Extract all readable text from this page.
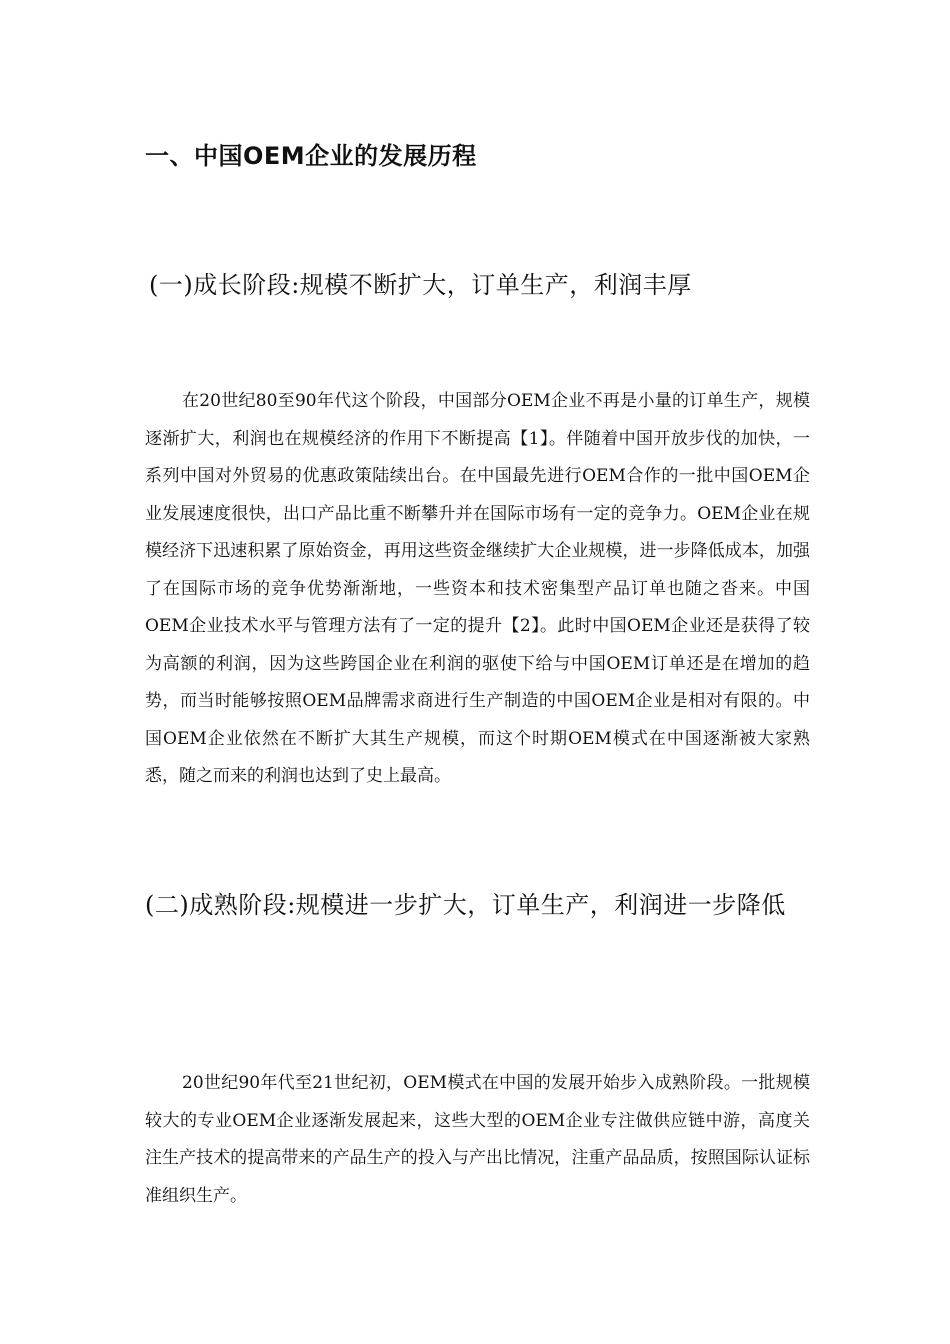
一、中国OEM企业的发展历程
(一)成长阶段:规模不断扩大，订单生产，利润丰厚

在20世纪80至90年代这个阶段，中国部分OEM企业不再是小量的订单生产，规模逐渐扩大，利润也在规模经济的作用下不断提高【1】。伴随着中国开放步伐的加快，一系列中国对外贸易的优惠政策陆续出台。在中国最先进行OEM合作的一批中国OEM企业发展速度很快，出口产品比重不断攀升并在国际市场有一定的竞争力。OEM企业在规模经济下迅速积累了原始资金，再用这些资金继续扩大企业规模，进一步降低成本，加强了在国际市场的竞争优势渐渐地，一些资本和技术密集型产品订单也随之沓来。中国OEM企业技术水平与管理方法有了一定的提升【2】。此时中国OEM企业还是获得了较为高额的利润，因为这些跨国企业在利润的驱使下给与中国OEM订单还是在增加的趋势，而当时能够按照OEM品牌需求商进行生产制造的中国OEM企业是相对有限的。中国OEM企业依然在不断扩大其生产规模，而这个时期OEM模式在中国逐渐被大家熟悉，随之而来的利润也达到了史上最高。

(二)成熟阶段:规模进一步扩大，订单生产，利润进一步降低

20世纪90年代至21世纪初，OEM模式在中国的发展开始步入成熟阶段。一批规模较大的专业OEM企业逐渐发展起来，这些大型的OEM企业专注做供应链中游，高度关注生产技术的提高带来的产品生产的投入与产出比情况，注重产品品质，按照国际认证标准组织生产。
